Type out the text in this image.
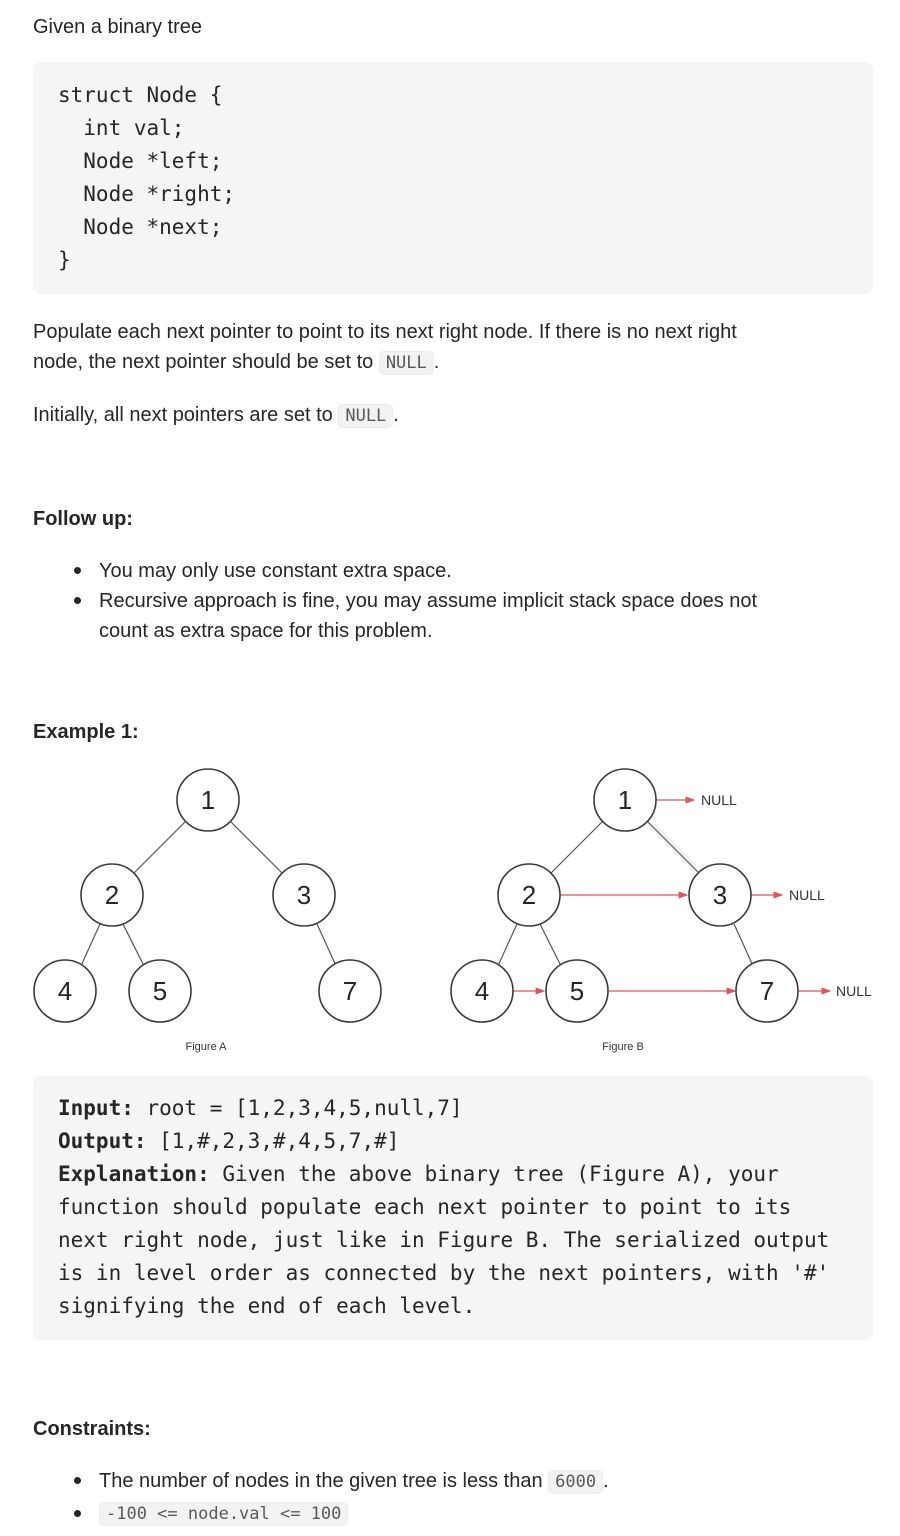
Given a binary tree
struct Node {
int val;
Node *left;
Node *right;
Node *next;
}
Populate each next pointer to point to its next right node. If there is no next right
node, the next pointer should be set to NULL .
Initially, all next pointers are set to NULL .
Follow up:
You may only use constant extra space.
Recursive approach is fine, you may assume implicit stack space does not
count as extra space for this problem.
Example 1:
1
2	3
4	5	7
Figure A
1
2	3
4	5	7
NULL
NULL
NULL
Figure B
Input: root = [1,2,3,4,5,null,7]
Output: [1,#,2,3,#,4,5,7,#]
Explanation: Given the above binary tree (Figure A), your
function should populate each next pointer to point to its
next right node, just like in Figure B. The serialized output
is in level order as connected by the next pointers, with '#'
signifying the end of each level.
Constraints:
The number of nodes in the given tree is less than 6000 .
-100 <= node.val <= 100
